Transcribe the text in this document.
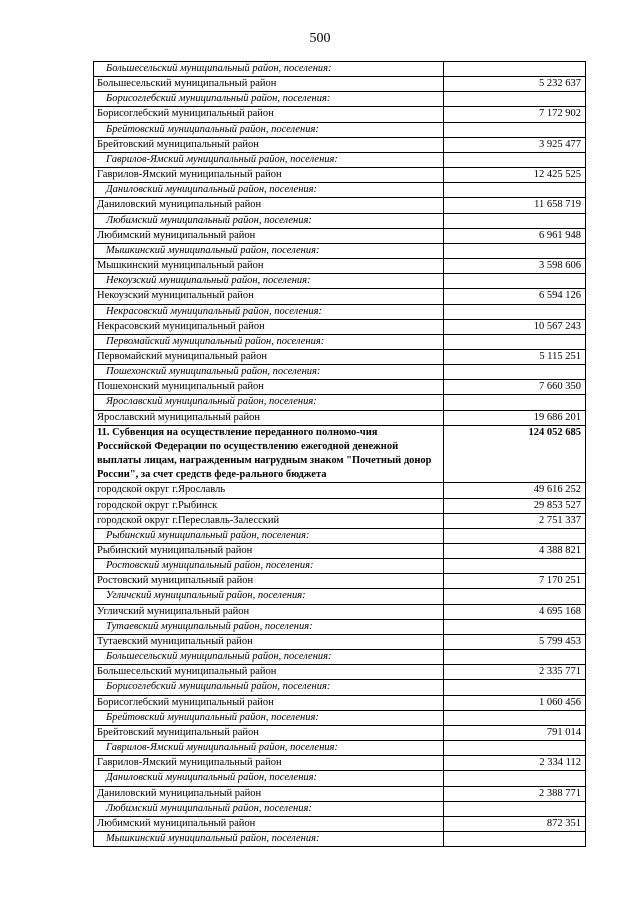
500
Большесельский муниципальный район, поселения:	
Большесельский муниципальный район	5 232 637
Борисоглебский муниципальный район, поселения:	
Борисоглебский муниципальный район	7 172 902
Брейтовский муниципальный район, поселения:	
Брейтовский муниципальный район	3 925 477
Гаврилов-Ямский муниципальный район, поселения:	
Гаврилов-Ямский муниципальный район	12 425 525
Даниловский муниципальный район, поселения:	
Даниловский муниципальный район	11 658 719
Любимский муниципальный район, поселения:	
Любимский муниципальный район	6 961 948
Мышкинский муниципальный район, поселения:	
Мышкинский муниципальный район	3 598 606
Некоузский муниципальный район, поселения:	
Некоузский муниципальный район	6 594 126
Некрасовский муниципальный район, поселения:	
Некрасовский муниципальный район	10 567 243
Первомайский муниципальный район, поселения:	
Первомайский муниципальный район	5 115 251
Пошехонский муниципальный район, поселения:	
Пошехонский муниципальный район	7 660 350
Ярославский муниципальный район, поселения:	
Ярославский муниципальный район	19 686 201
11. Субвенция на осуществление переданного полномо-чия Российской Федерации по осуществлению ежегодной денежной выплаты лицам, награжденным нагрудным знаком "Почетный донор России", за счет средств феде-рального бюджета	124 052 685
городской округ г.Ярославль	49 616 252
городской округ г.Рыбинск	29 853 527
городской округ г.Переславль-Залесский	2 751 337
Рыбинский муниципальный район, поселения:	
Рыбинский муниципальный район	4 388 821
Ростовский муниципальный район, поселения:	
Ростовский муниципальный район	7 170 251
Угличский муниципальный район, поселения:	
Угличский муниципальный район	4 695 168
Тутаевский муниципальный район, поселения:	
Тутаевский муниципальный район	5 799 453
Большесельский муниципальный район, поселения:	
Большесельский муниципальный район	2 335 771
Борисоглебский муниципальный район, поселения:	
Борисоглебский муниципальный район	1 060 456
Брейтовский муниципальный район, поселения:	
Брейтовский муниципальный район	791 014
Гаврилов-Ямский муниципальный район, поселения:	
Гаврилов-Ямский муниципальный район	2 334 112
Даниловский муниципальный район, поселения:	
Даниловский муниципальный район	2 388 771
Любимский муниципальный район, поселения:	
Любимский муниципальный район	872 351
Мышкинский муниципальный район, поселения:	
